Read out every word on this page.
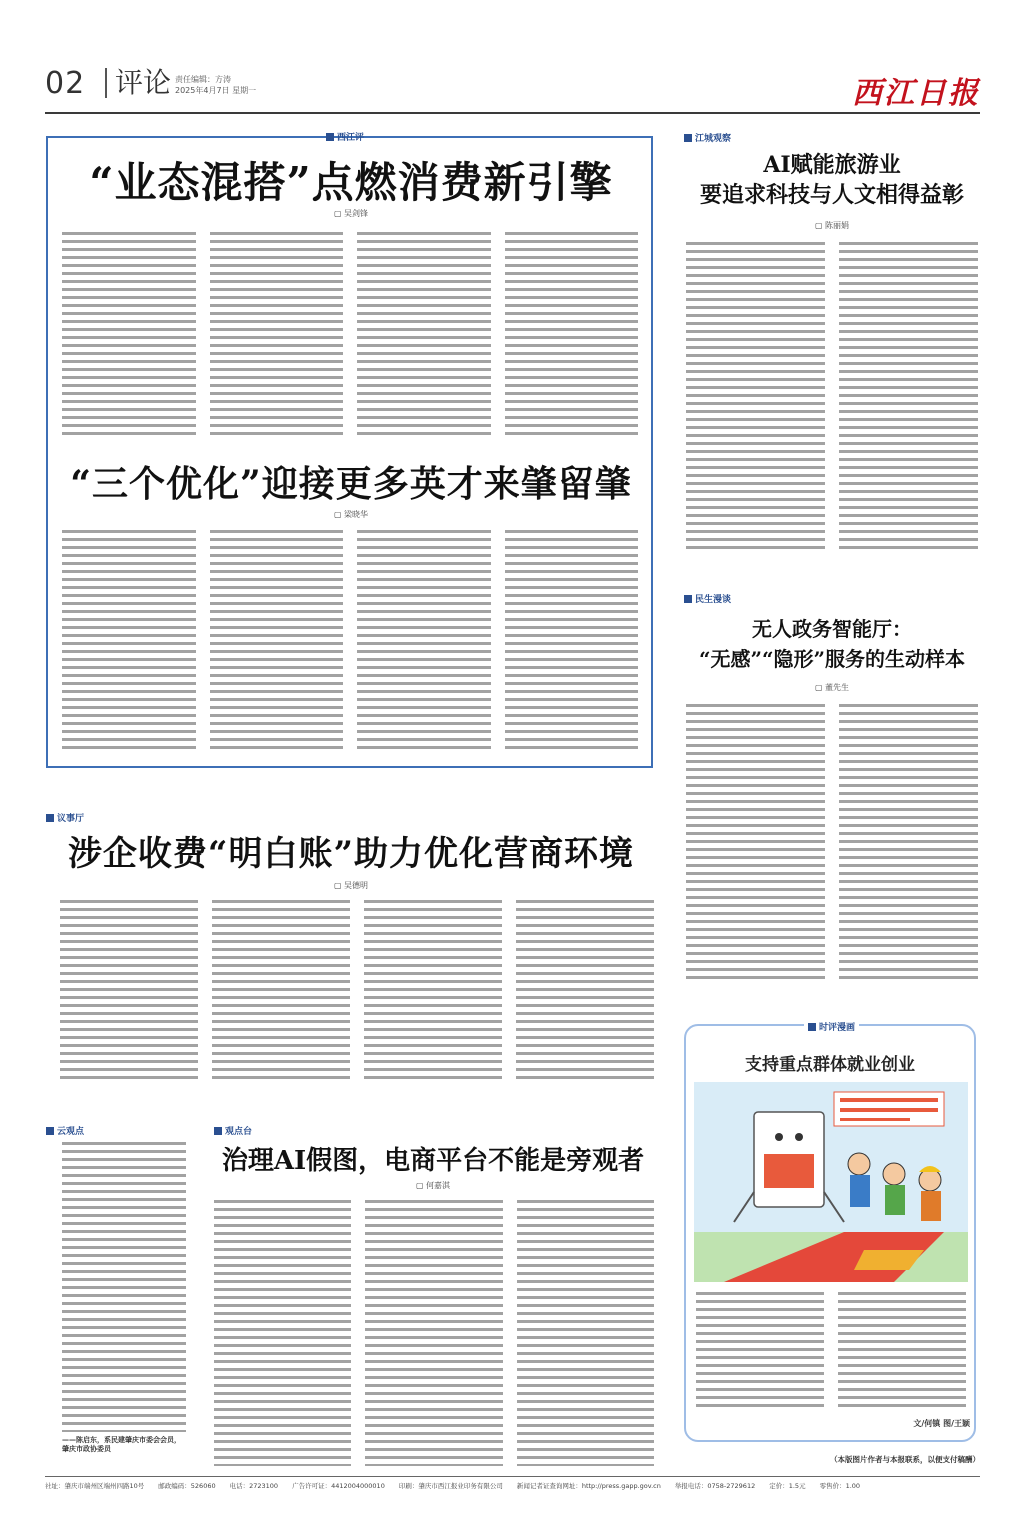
02	评论 责任编辑：方涛
2025年4月7日 星期一	西江日报
西江评
“业态混搭”点燃消费新引擎
▢ 吴剑锋
“三个优化”迎接更多英才来肇留肇
▢ 梁晓华
江城观察
AI赋能旅游业
要追求科技与人文相得益彰
▢ 陈丽娟
民生漫谈
无人政务智能厅：
“无感”“隐形”服务的生动样本
▢ 董先生
议事厅
涉企收费“明白账”助力优化营商环境
▢ 吴德明
云观点
——陈启东，系民建肇庆市委会会员，肇庆市政协委员
观点台
治理AI假图，电商平台不能是旁观者
▢ 何嘉淇
时评漫画
支持重点群体就业创业
文/何镇 图/王颖
（本版图片作者与本报联系，以便支付稿酬）
社址：肇庆市端州区端州四路10号 邮政编码：526060 电话：2723100 广告许可证：4412004000010 印刷：肇庆市西江报业印务有限公司 新闻记者证查询网址：http://press.gapp.gov.cn 举报电话：0758-2729612 定价：1.5元 零售价：1.00
